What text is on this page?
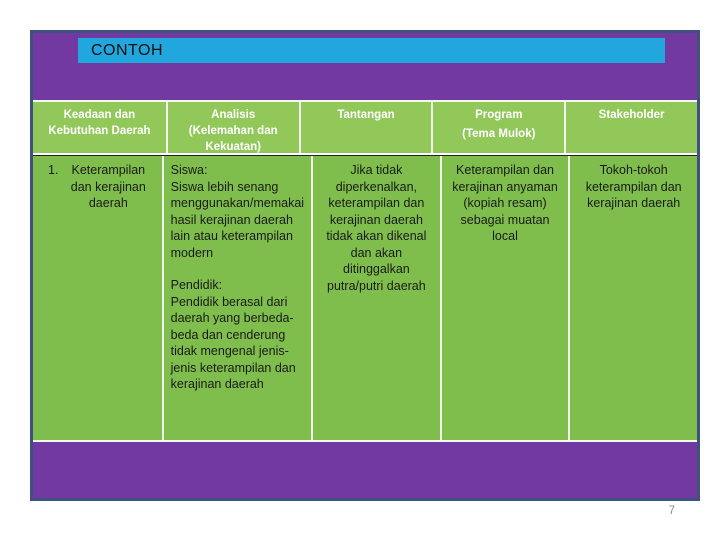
CONTOH
Keadaan dan Kebutuhan Daerah
Analisis
(Kelemahan dan Kekuatan)
Tantangan	Program
(Tema Mulok)
Stakeholder
1.	Keterampilan dan kerajinan daerah
Siswa:
Siswa lebih senang menggunakan/memakai hasil kerajinan daerah lain atau keterampilan modern
Pendidik:
Pendidik berasal dari daerah yang berbeda-beda dan cenderung tidak mengenal jenis-jenis keterampilan dan kerajinan daerah
Jika tidak diperkenalkan, keterampilan dan kerajinan daerah tidak akan dikenal dan akan ditinggalkan putra/putri daerah
Keterampilan dan kerajinan anyaman (kopiah resam) sebagai muatan local
Tokoh-tokoh keterampilan dan kerajinan daerah
7
